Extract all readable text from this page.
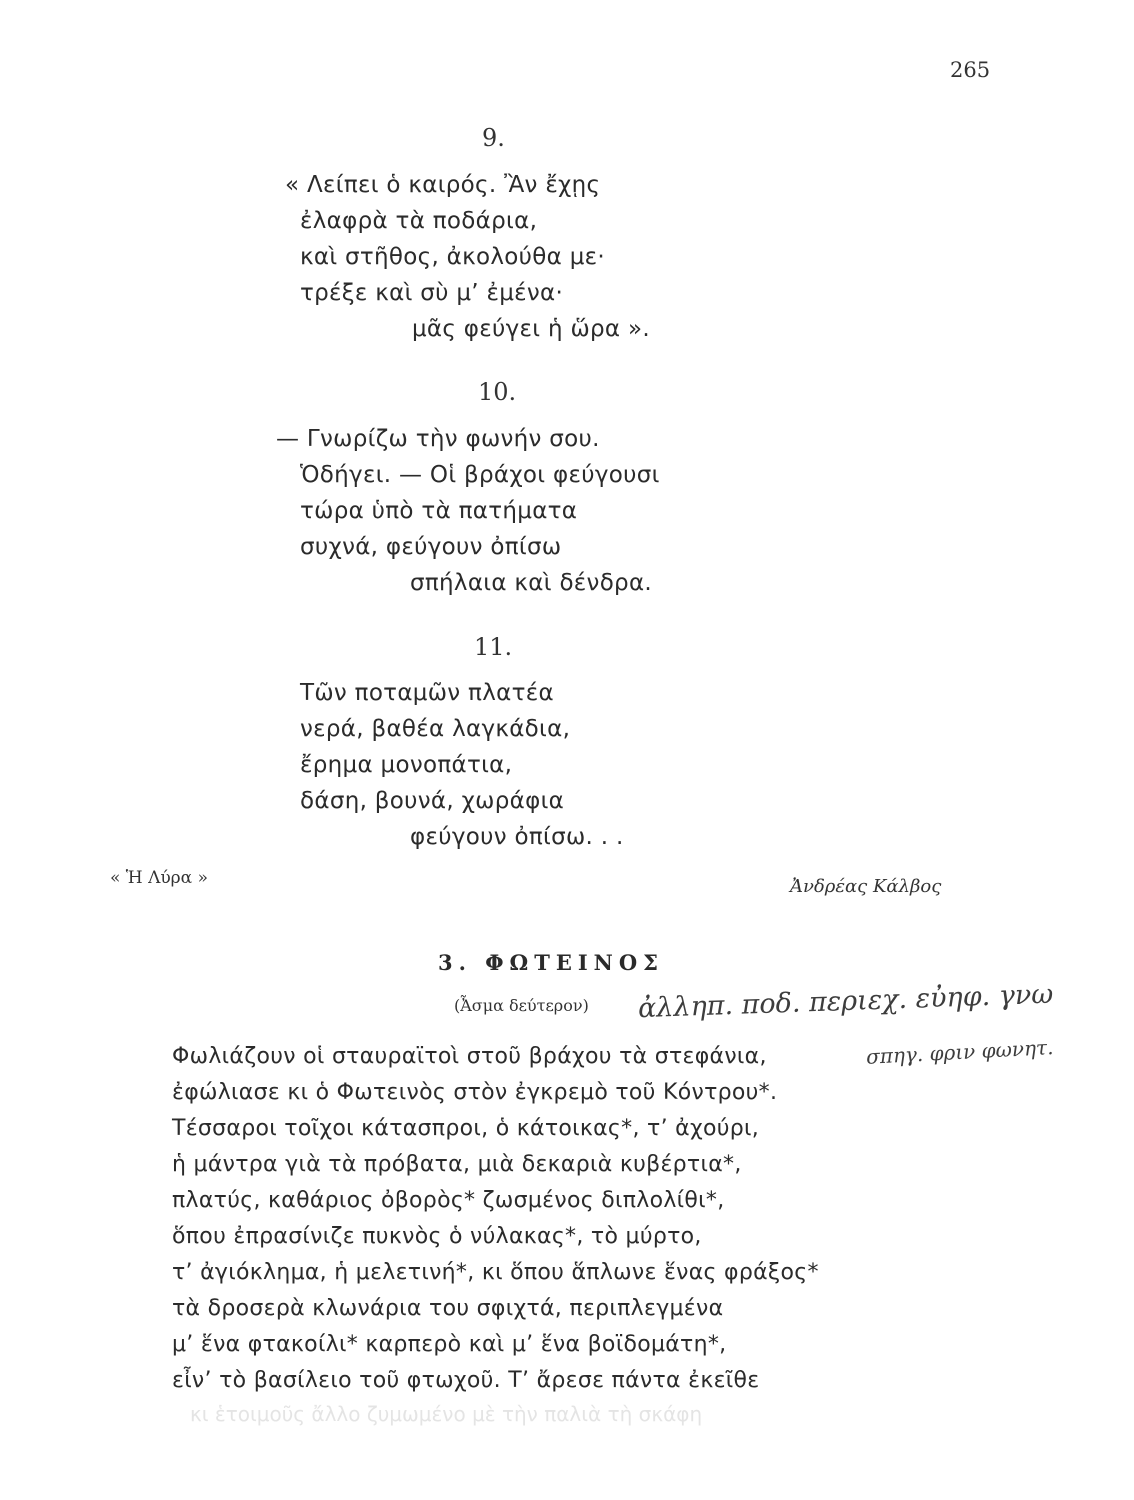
265
9.
« Λείπει ὁ καιρός. Ἂν ἔχῃς
ἐλαφρὰ τὰ ποδάρια,
καὶ στῆθος, ἀκολούθα με·
τρέξε καὶ σὺ μ’ ἐμένα·
μᾶς φεύγει ἡ ὥρα ».
10.
— Γνωρίζω τὴν φωνήν σου.
Ὁδήγει. — Οἱ βράχοι φεύγουσι
τώρα ὑπὸ τὰ πατήματα
συχνά, φεύγουν ὀπίσω
σπήλαια καὶ δένδρα.
11.
Τῶν ποταμῶν πλατέα
νερά, βαθέα λαγκάδια,
ἔρημα μονοπάτια,
δάση, βουνά, χωράφια
φεύγουν ὀπίσω. . .
« Ἡ Λύρα »	Ἀνδρέας Κάλβος
3. ΦΩΤΕΙΝΟΣ
(Ἆσμα δεύτερον) ἀλληπ. ποδ. περιεχ. εὐηφ. γνω
σπηγ. φριν φωνητ.
Φωλιάζουν οἱ σταυραϊτοὶ στοῦ βράχου τὰ στεφάνια,
ἐφώλιασε κι ὁ Φωτεινὸς στὸν ἐγκρεμὸ τοῦ Κόντρου*.
Τέσσαροι τοῖχοι κάτασπροι, ὁ κάτοικας*, τ’ ἀχούρι,
ἡ μάντρα γιὰ τὰ πρόβατα, μιὰ δεκαριὰ κυβέρτια*,
πλατύς, καθάριος ὀβορὸς* ζωσμένος διπλολίθι*,
ὅπου ἐπρασίνιζε πυκνὸς ὁ νύλακας*, τὸ μύρτο,
τ’ ἀγιόκλημα, ἡ μελετινή*, κι ὅπου ἅπλωνε ἕνας φράξος*
τὰ δροσερὰ κλωνάρια του σφιχτά, περιπλεγμένα
μ’ ἕνα φτακοίλι* καρπερὸ καὶ μ’ ἕνα βοϊδομάτη*,
εἶν’ τὸ βασίλειο τοῦ φτωχοῦ. Τ’ ἄρεσε πάντα ἐκεῖθε
κι ἑτοιμοῦς ἄλλο ζυμωμένο μὲ τὴν παλιὰ τὴ σκάφη
